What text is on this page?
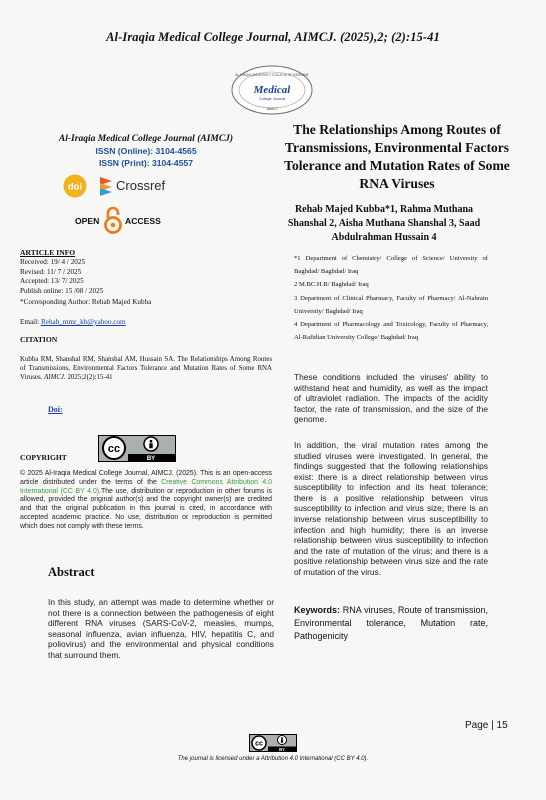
Al-Iraqia Medical College Journal, AIMCJ. (2025),2; (2):15-41
AL-IRAQIA UNIVERSITY COLLEGE OF MEDICINE
Medical
College Journal
AIMCJ
Al-Iraqia Medical College Journal (AIMCJ)
ISSN (Online): 3104-4565
ISSN (Print): 3104-4557
doi	Crossref
OPEN	ACCESS
ARTICLE INFO
Received: 19/ 4 / 2025
Revised: 11/ 7 / 2025
Accepted: 13/ 7/ 2025
Publish online: 15 /08 / 2025
*Corresponding Author: Rehab Majed Kubba
Email: Rehab_mmr_kb@yahoo.com
CITATION
Kubba RM, Shanshal RM, Shanshal AM, Hussain SA. The Relationships Among Routes of Transmissions, Environmental Factors Tolerance and Mutation Rates of Some RNA Viruses. AIMCJ. 2025;2(2):15-41
Doi:
COPYRIGHT
cc
BY
© 2025 Al-Iraqia Medical College Journal, AIMCJ. (2025). This is an open-access article distributed under the terms of the Creative Commons Attribution 4.0 International (CC BY 4.0).The use, distribution or reproduction in other forums is allowed, provided the original author(s) and the copyright owner(s) are credited and that the original publication in this journal is cited, in accordance with accepted academic practice. No use, distribution or reproduction is permitted which does not comply with these terms.
Abstract
In this study, an attempt was made to determine whether or not there is a connection between the pathogenesis of eight different RNA viruses (SARS-CoV-2, measles, mumps, seasonal influenza, avian influenza, HIV, hepatitis C, and poliovirus) and the environmental and physical conditions that surround them.
The Relationships Among Routes of Transmissions, Environmental Factors Tolerance and Mutation Rates of Some RNA Viruses
Rehab Majed Kubba*1, Rahma Muthana Shanshal 2, Aisha Muthana Shanshal 3, Saad Abdulrahman Hussain 4
*1 Department of Chemistry/ College of Science/ University of Baghdad/ Baghdad/ Iraq
2 M.BC.H.B/ Baghdad/ Iraq
3 Department of Clinical Pharmacy, Faculty of Pharmacy/ Al-Nahrain University/ Baghdad/ Iraq
4 Department of Pharmacology and Toxicology, Faculty of Pharmacy, Al-Rafidian University College/ Baghdad/ Iraq
These conditions included the viruses' ability to withstand heat and humidity, as well as the impact of ultraviolet radiation. The impacts of the acidity factor, the rate of transmission, and the size of the genome.
In addition, the viral mutation rates among the studied viruses were investigated. In general, the findings suggested that the following relationships exist: there is a direct relationship between virus susceptibility to infection and its heat tolerance; there is a positive relationship between virus susceptibility to infection and virus size; there is an inverse relationship between virus susceptibility to infection and high humidity; there is an inverse relationship between virus susceptibility to infection and the rate of mutation of the virus; and there is a positive relationship between virus size and the rate of mutation of the virus.
Keywords: RNA viruses, Route of transmission, Environmental tolerance, Mutation rate, Pathogenicity
Page | 15
cc
BY
The journal is licensed under a Attribution 4.0 International (CC BY 4.0).
